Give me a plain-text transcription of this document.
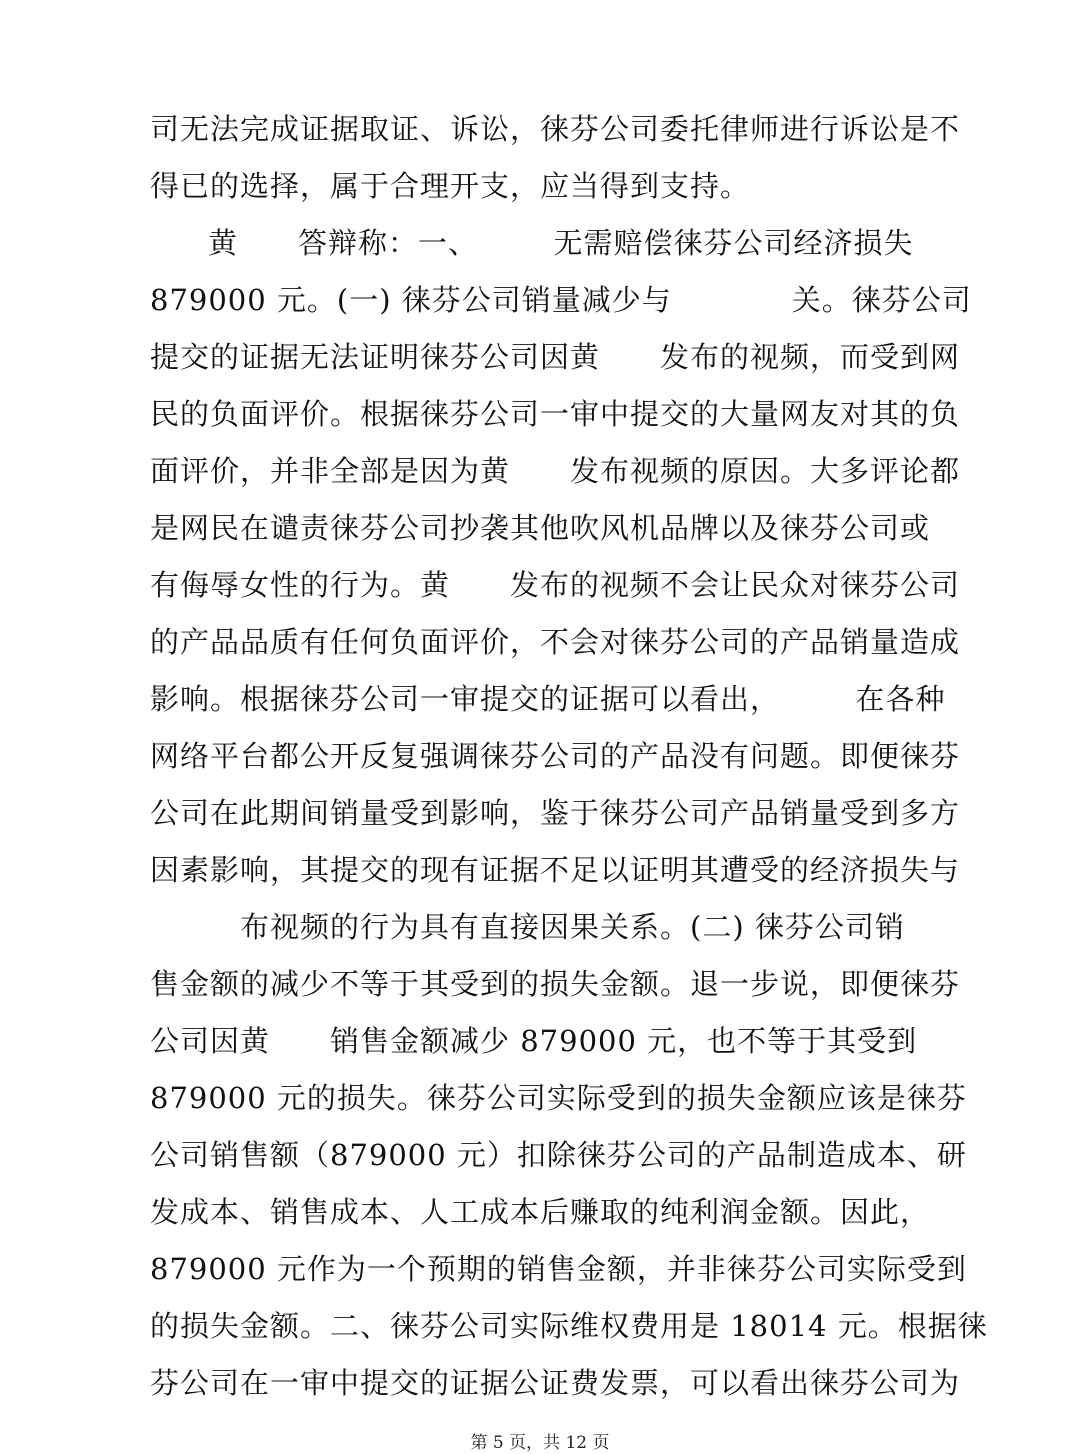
司无法完成证据取证、诉讼，徕芬公司委托律师进行诉讼是不
得已的选择，属于合理开支，应当得到支持。
黄　　答辩称：一、　　　无需赔偿徕芬公司经济损失
879000 元。(一) 徕芬公司销量减少与　　　　关。徕芬公司
提交的证据无法证明徕芬公司因黄　　发布的视频，而受到网
民的负面评价。根据徕芬公司一审中提交的大量网友对其的负
面评价，并非全部是因为黄　　发布视频的原因。大多评论都
是网民在谴责徕芬公司抄袭其他吹风机品牌以及徕芬公司或
有侮辱女性的行为。黄　　发布的视频不会让民众对徕芬公司
的产品品质有任何负面评价，不会对徕芬公司的产品销量造成
影响。根据徕芬公司一审提交的证据可以看出，　　　在各种
网络平台都公开反复强调徕芬公司的产品没有问题。即便徕芬
公司在此期间销量受到影响，鉴于徕芬公司产品销量受到多方
因素影响，其提交的现有证据不足以证明其遭受的经济损失与
　　　布视频的行为具有直接因果关系。(二) 徕芬公司销
售金额的减少不等于其受到的损失金额。退一步说，即便徕芬
公司因黄　　销售金额减少 879000 元，也不等于其受到
879000 元的损失。徕芬公司实际受到的损失金额应该是徕芬
公司销售额（879000 元）扣除徕芬公司的产品制造成本、研
发成本、销售成本、人工成本后赚取的纯利润金额。因此，
879000 元作为一个预期的销售金额，并非徕芬公司实际受到
的损失金额。二、徕芬公司实际维权费用是 18014 元。根据徕
芬公司在一审中提交的证据公证费发票，可以看出徕芬公司为
第 5 页，共 12 页
